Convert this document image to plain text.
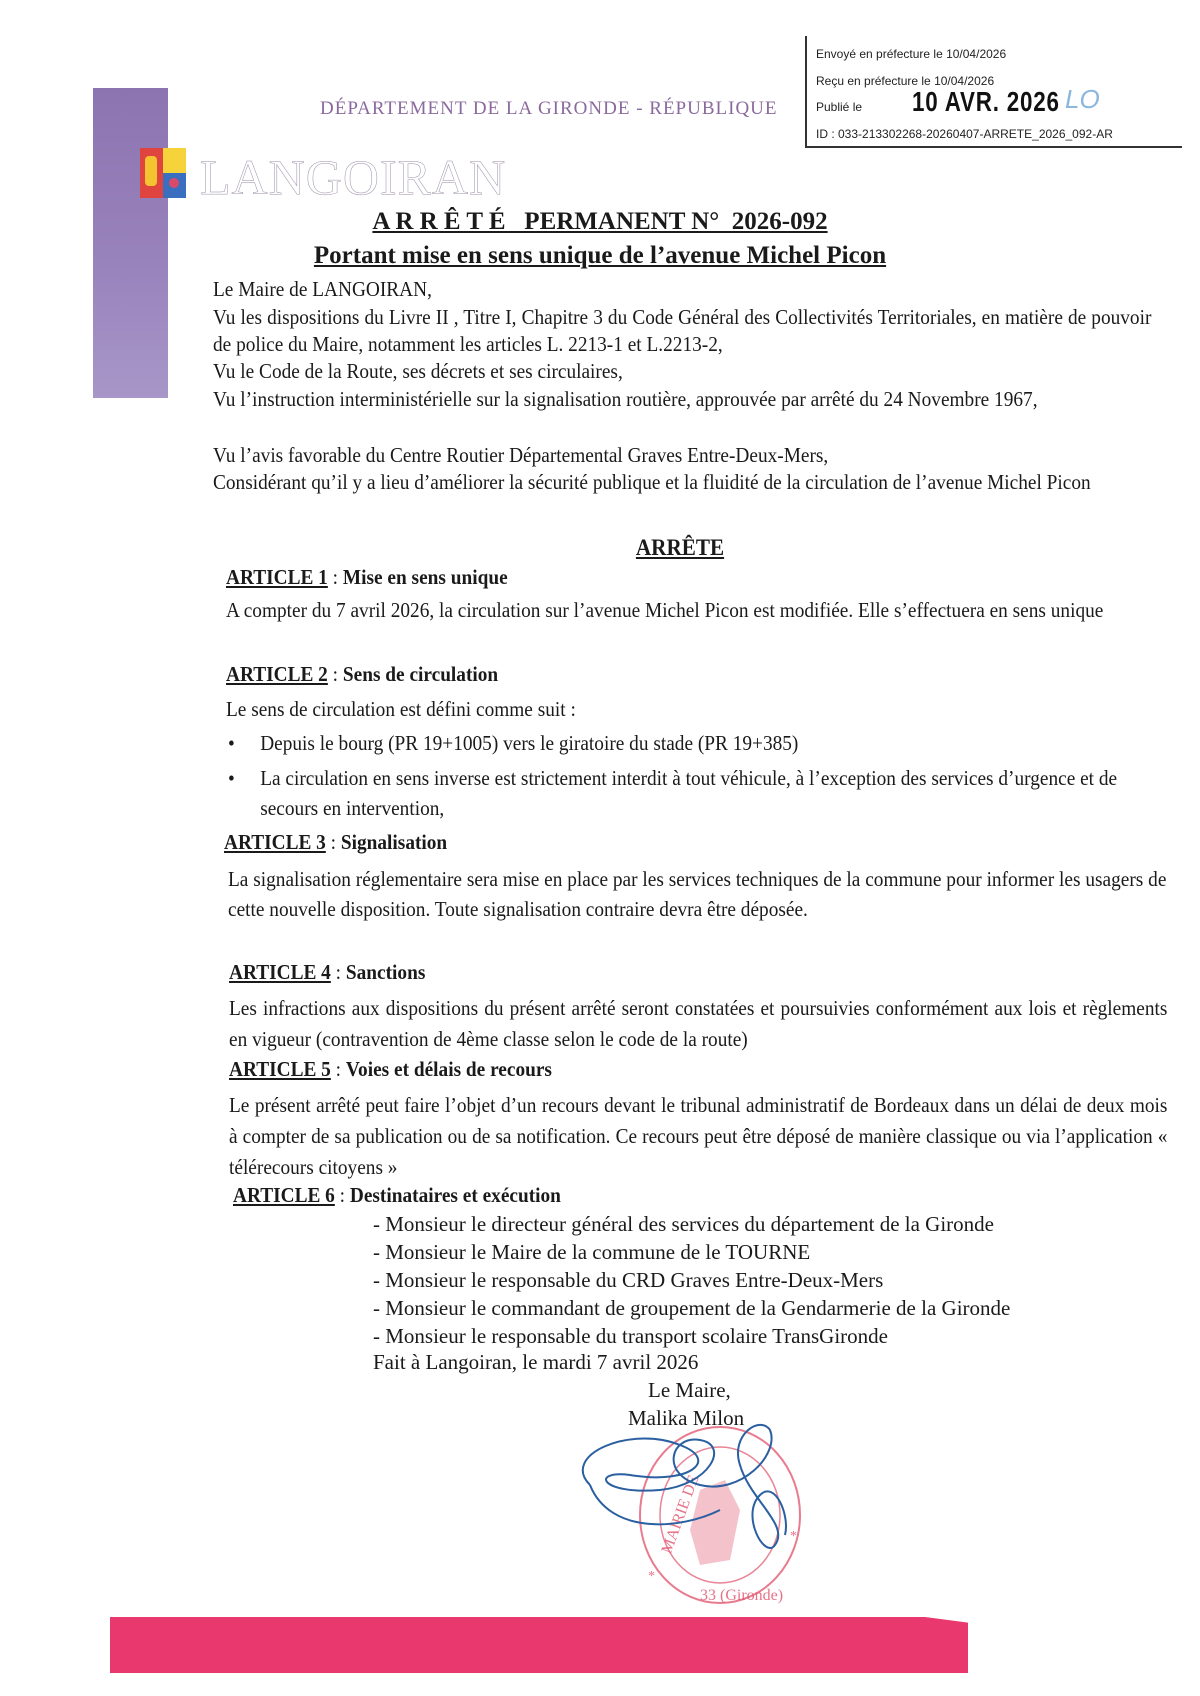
DÉPARTEMENT DE LA GIRONDE - RÉPUBLIQUE
LANGOIRAN
Envoyé en préfecture le 10/04/2026
Reçu en préfecture le 10/04/2026
Publié le 10 AVR. 2026 LO
ID : 033-213302268-20260407-ARRETE_2026_092-AR
A R R Ê T É   PERMANENT N°  2026-092
Portant mise en sens unique de l’avenue Michel Picon
Le Maire de LANGOIRAN,
Vu les dispositions du Livre II , Titre I, Chapitre 3 du Code Général des Collectivités Territoriales, en matière de pouvoir de police du Maire, notamment les articles L. 2213-1 et L.2213-2,
Vu le Code de la Route, ses décrets et ses circulaires,
Vu l’instruction interministérielle sur la signalisation routière, approuvée par arrêté du 24 Novembre 1967,
Vu l’avis favorable du Centre Routier Départemental Graves Entre-Deux-Mers,
Considérant qu’il y a lieu d’améliorer la sécurité publique et la fluidité de la circulation de l’avenue Michel Picon
ARRÊTE
ARTICLE 1 : Mise en sens unique
A compter du 7 avril 2026, la circulation sur l’avenue Michel Picon est modifiée. Elle s’effectuera en sens unique
ARTICLE 2 : Sens de circulation
Le sens de circulation est défini comme suit :
• Depuis le bourg (PR 19+1005) vers le giratoire du stade (PR 19+385)
• La circulation en sens inverse est strictement interdit à tout véhicule, à l’exception des services d’urgence et de secours en intervention,
ARTICLE 3 : Signalisation
La signalisation réglementaire sera mise en place par les services techniques de la commune pour informer les usagers de cette nouvelle disposition. Toute signalisation contraire devra être déposée.
ARTICLE 4 : Sanctions
Les infractions aux dispositions du présent arrêté seront constatées et poursuivies conformément aux lois et règlements en vigueur (contravention de 4ème classe selon le code de la route)
ARTICLE 5 : Voies et délais de recours
Le présent arrêté peut faire l’objet d’un recours devant le tribunal administratif de Bordeaux dans un délai de deux mois à compter de sa publication ou de sa notification. Ce recours peut être déposé de manière classique ou via l’application « télérecours citoyens »
ARTICLE 6 : Destinataires et exécution
- Monsieur le directeur général des services du département de la Gironde
- Monsieur le Maire de la commune de le TOURNE
- Monsieur le responsable du CRD Graves Entre-Deux-Mers
- Monsieur le commandant de groupement de la Gendarmerie de la Gironde
- Monsieur le responsable du transport scolaire TransGironde
Fait à Langoiran, le mardi 7 avril 2026
Le Maire,
Malika Milon
MAIRIE DE
33 (Gironde)
*
*
